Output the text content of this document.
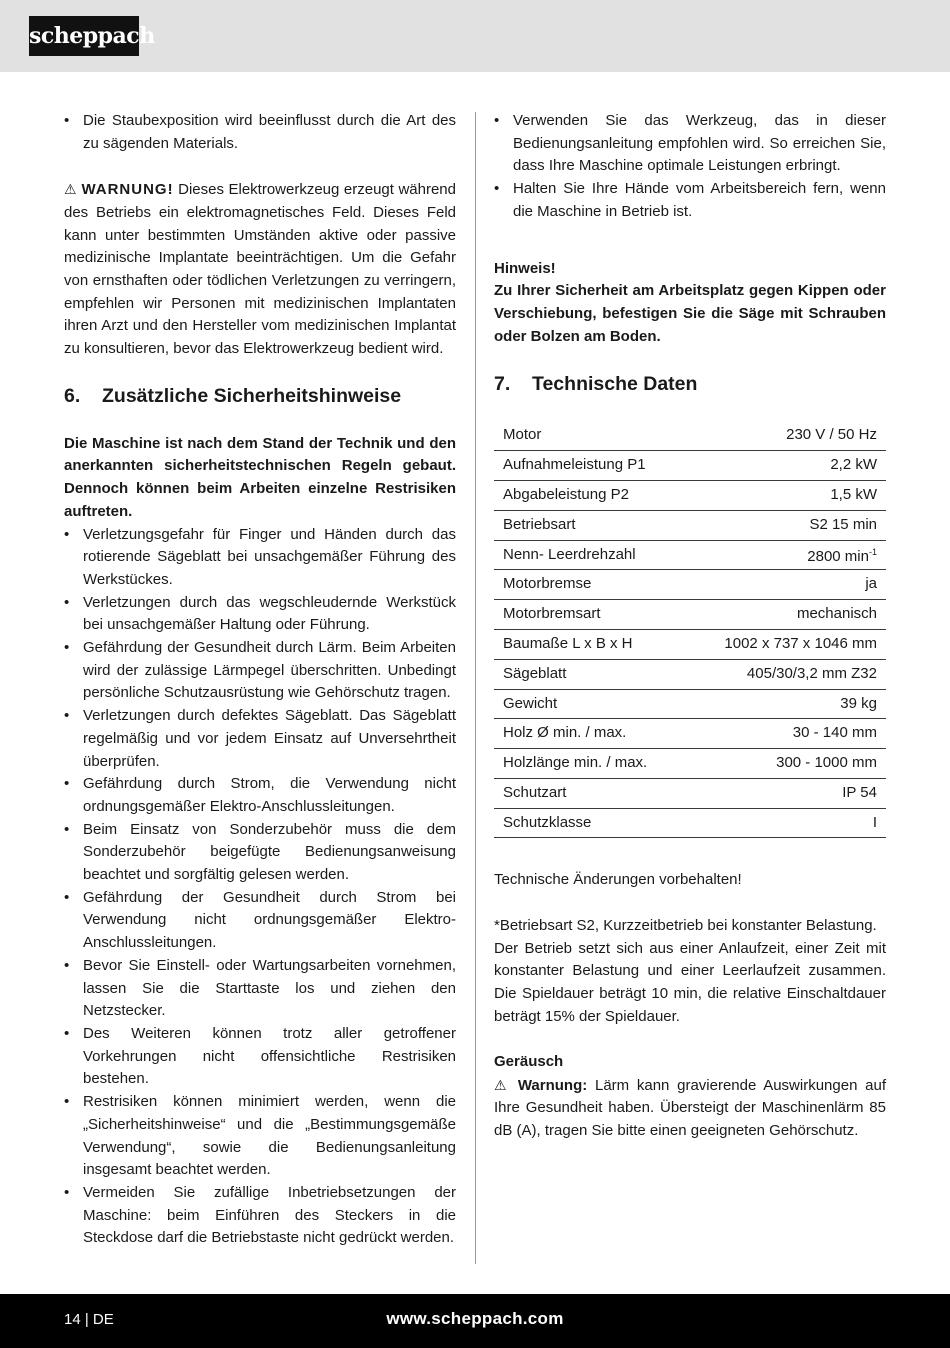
scheppach
• Die Staubexposition wird beeinflusst durch die Art des zu sägenden Materials.

⚠ WARNUNG! Dieses Elektrowerkzeug erzeugt während des Betriebs ein elektromagnetisches Feld. Dieses Feld kann unter bestimmten Umständen aktive oder passive medizinische Implantate beeinträchtigen. Um die Gefahr von ernsthaften oder tödlichen Verletzungen zu verringern, empfehlen wir Personen mit medizinischen Implantaten ihren Arzt und den Hersteller vom medizinischen Implantat zu konsultieren, bevor das Elektrowerkzeug bedient wird.

6. Zusätzliche Sicherheitshinweise

Die Maschine ist nach dem Stand der Technik und den anerkannten sicherheitstechnischen Regeln gebaut. Dennoch können beim Arbeiten einzelne Restrisiken auftreten.

• Verletzungsgefahr für Finger und Händen durch das rotierende Sägeblatt bei unsachgemäßer Führung des Werkstückes.
• Verletzungen durch das wegschleudernde Werkstück bei unsachgemäßer Haltung oder Führung.
• Gefährdung der Gesundheit durch Lärm. Beim Arbeiten wird der zulässige Lärmpegel überschritten. Unbedingt persönliche Schutzausrüstung wie Gehörschutz tragen.
• Verletzungen durch defektes Sägeblatt. Das Sägeblatt regelmäßig und vor jedem Einsatz auf Unversehrtheit überprüfen.
• Gefährdung durch Strom, die Verwendung nicht ordnungsgemäßer Elektro-Anschlussleitungen.
• Beim Einsatz von Sonderzubehör muss die dem Sonderzubehör beigefügte Bedienungsanweisung beachtet und sorgfältig gelesen werden.
• Gefährdung der Gesundheit durch Strom bei Verwendung nicht ordnungsgemäßer Elektro-Anschlussleitungen.
• Bevor Sie Einstell- oder Wartungsarbeiten vornehmen, lassen Sie die Starttaste los und ziehen den Netzstecker.
• Des Weiteren können trotz aller getroffener Vorkehrungen nicht offensichtliche Restrisiken bestehen.
• Restrisiken können minimiert werden, wenn die „Sicherheitshinweise“ und die „Bestimmungsgemäße Verwendung“, sowie die Bedienungsanleitung insgesamt beachtet werden.
• Vermeiden Sie zufällige Inbetriebsetzungen der Maschine: beim Einführen des Steckers in die Steckdose darf die Betriebstaste nicht gedrückt werden.
• Verwenden Sie das Werkzeug, das in dieser Bedienungsanleitung empfohlen wird. So erreichen Sie, dass Ihre Maschine optimale Leistungen erbringt.
• Halten Sie Ihre Hände vom Arbeitsbereich fern, wenn die Maschine in Betrieb ist.

Hinweis!

Zu Ihrer Sicherheit am Arbeitsplatz gegen Kippen oder Verschiebung, befestigen Sie die Säge mit Schrauben oder Bolzen am Boden.

7. Technische Daten
Motor	230 V / 50 Hz
Aufnahmeleistung P1	2,2 kW
Abgabeleistung P2	1,5 kW
Betriebsart	S2 15 min
Nenn- Leerdrehzahl	2800 $\min^{-1}$
Motorbremse	ja
Motorbremsart	mechanisch
Baumaße L x B x H	1002 x 737 x 1046 mm
Sägeblatt	405/30/3,2 mm Z32
Gewicht	39 kg
Holz Ø min. / max.	30 - 140 mm
Holzlänge min. / max.	300 - 1000 mm
Schutzart	IP 54
Schutzklasse	I

Technische Änderungen vorbehalten!

*Betriebsart S2, Kurzzeitbetrieb bei konstanter Belastung.

Der Betrieb setzt sich aus einer Anlaufzeit, einer Zeit mit konstanter Belastung und einer Leerlaufzeit zusammen. Die Spieldauer beträgt 10 min, die relative Einschaltdauer beträgt 15% der Spieldauer.

Geräusch

⚠ Warnung: Lärm kann gravierende Auswirkungen auf Ihre Gesundheit haben. Übersteigt der Maschinenlärm 85 dB (A), tragen Sie bitte einen geeigneten Gehörschutz.

14 | DE	www.scheppach.com
